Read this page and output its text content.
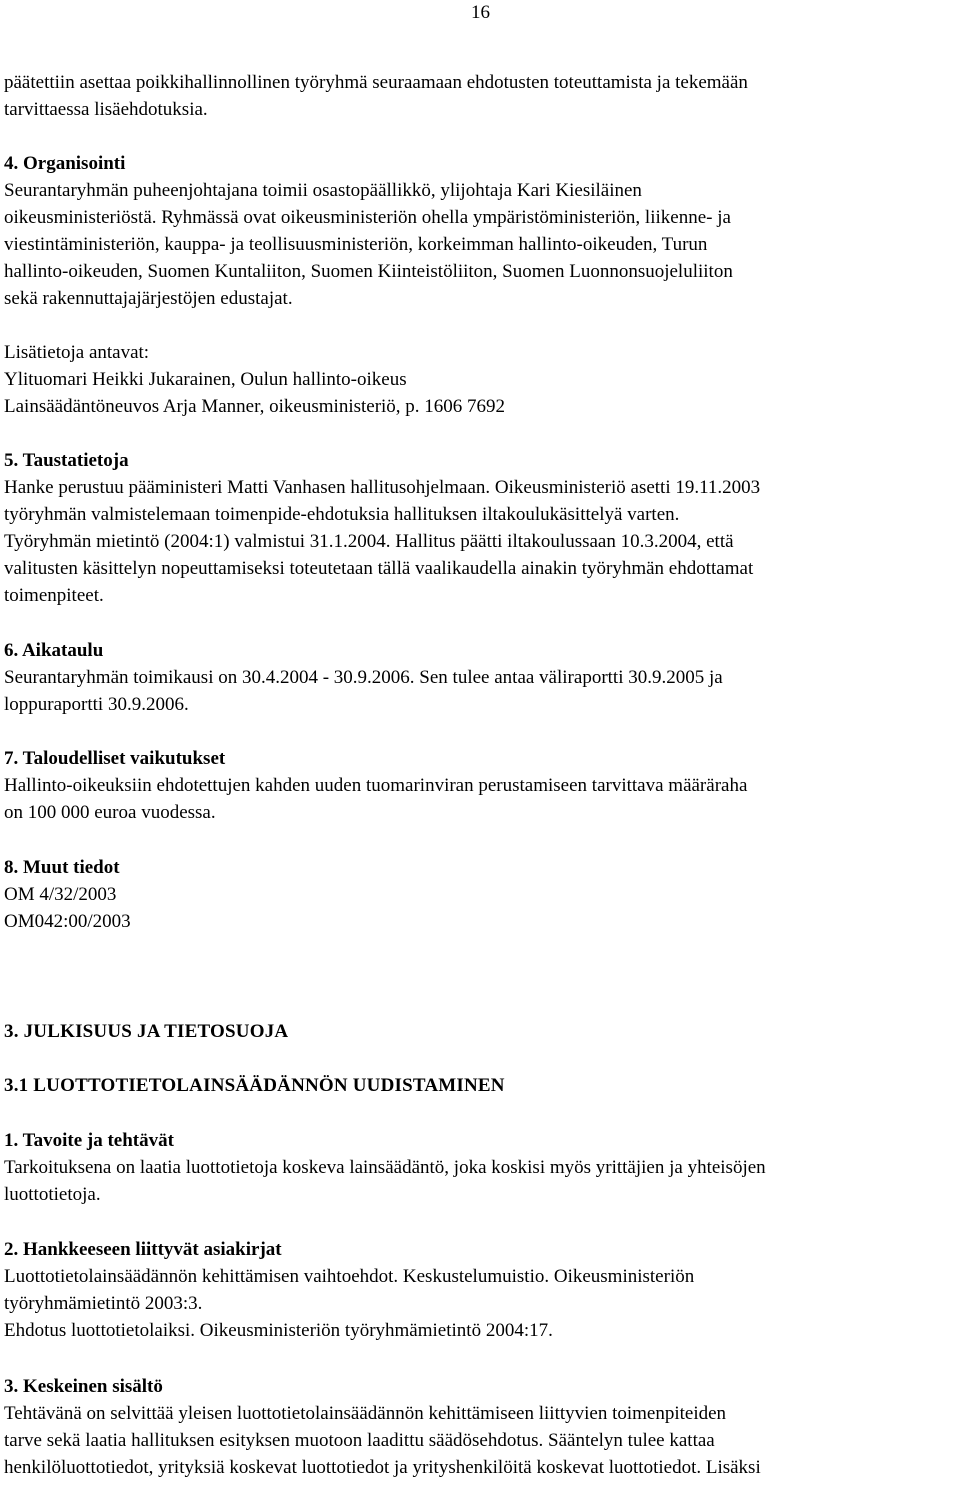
16
päätettiin asettaa poikkihallinnollinen työryhmä seuraamaan ehdotusten toteuttamista ja tekemään
tarvittaessa lisäehdotuksia.
4. Organisointi
Seurantaryhmän puheenjohtajana toimii osastopäällikkö, ylijohtaja Kari Kiesiläinen
oikeusministeriöstä. Ryhmässä ovat oikeusministeriön ohella ympäristöministeriön, liikenne- ja
viestintäministeriön, kauppa- ja teollisuusministeriön, korkeimman hallinto-oikeuden, Turun
hallinto-oikeuden, Suomen Kuntaliiton, Suomen Kiinteistöliiton, Suomen Luonnonsuojeluliiton
sekä rakennuttajajärjestöjen edustajat.
Lisätietoja antavat:
Ylituomari Heikki Jukarainen, Oulun hallinto-oikeus
Lainsäädäntöneuvos Arja Manner, oikeusministeriö, p. 1606 7692
5. Taustatietoja
Hanke perustuu pääministeri Matti Vanhasen hallitusohjelmaan. Oikeusministeriö asetti 19.11.2003
työryhmän valmistelemaan toimenpide-ehdotuksia hallituksen iltakoulukäsittelyä varten.
Työryhmän mietintö (2004:1) valmistui 31.1.2004. Hallitus päätti iltakoulussaan 10.3.2004, että
valitusten käsittelyn nopeuttamiseksi toteutetaan tällä vaalikaudella ainakin työryhmän ehdottamat
toimenpiteet.
6. Aikataulu
Seurantaryhmän toimikausi on 30.4.2004 - 30.9.2006. Sen tulee antaa väliraportti 30.9.2005 ja
loppuraportti 30.9.2006.
7. Taloudelliset vaikutukset
Hallinto-oikeuksiin ehdotettujen kahden uuden tuomarinviran perustamiseen tarvittava määräraha
on 100 000 euroa vuodessa.
8. Muut tiedot
OM 4/32/2003
OM042:00/2003
3. JULKISUUS JA TIETOSUOJA
3.1 LUOTTOTIETOLAINSÄÄDÄNNÖN UUDISTAMINEN
1. Tavoite ja tehtävät
Tarkoituksena on laatia luottotietoja koskeva lainsäädäntö, joka koskisi myös yrittäjien ja yhteisöjen
luottotietoja.
2. Hankkeeseen liittyvät asiakirjat
Luottotietolainsäädännön kehittämisen vaihtoehdot. Keskustelumuistio. Oikeusministeriön
työryhmämietintö 2003:3.
Ehdotus luottotietolaiksi. Oikeusministeriön työryhmämietintö 2004:17.
3. Keskeinen sisältö
Tehtävänä on selvittää yleisen luottotietolainsäädännön kehittämiseen liittyvien toimenpiteiden
tarve sekä laatia hallituksen esityksen muotoon laadittu säädösehdotus. Sääntelyn tulee kattaa
henkilöluottotiedot, yrityksiä koskevat luottotiedot ja yrityshenkilöitä koskevat luottotiedot. Lisäksi
